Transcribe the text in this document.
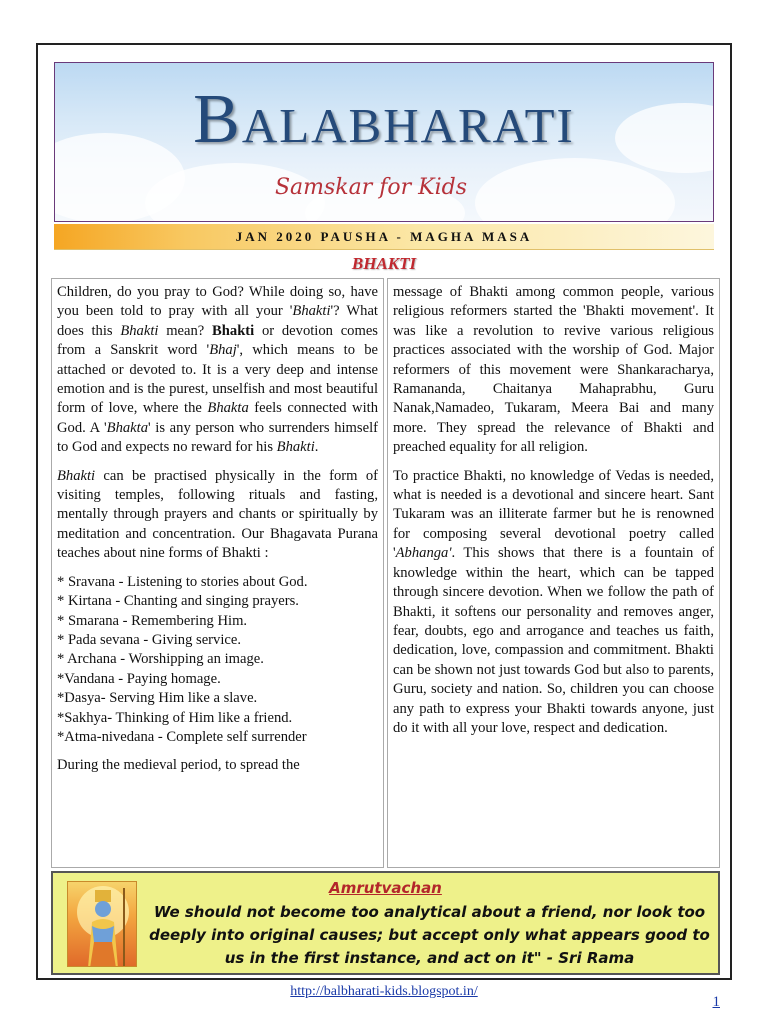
Balabharati
Samskar for Kids
JAN 2020 PAUSHA - MAGHA MASA
BHAKTI

Children, do you pray to God? While doing so, have you been told to pray with all your 'Bhakti'? What does this Bhakti mean? Bhakti or devotion comes from a Sanskrit word 'Bhaj', which means to be attached or devoted to. It is a very deep and intense emotion and is the purest, unselfish and most beautiful form of love, where the Bhakta feels connected with God. A 'Bhakta' is any person who surrenders himself to God and expects no reward for his Bhakti.

Bhakti can be practised physically in the form of visiting temples, following rituals and fasting, mentally through prayers and chants or spiritually by meditation and concentration. Our Bhagavata Purana teaches about nine forms of Bhakti :

* Sravana - Listening to stories about God.
* Kirtana - Chanting and singing prayers.
* Smarana - Remembering Him.
* Pada sevana - Giving service.
* Archana - Worshipping an image.
*Vandana - Paying homage.
*Dasya- Serving Him like a slave.
*Sakhya- Thinking of Him like a friend.
*Atma-nivedana - Complete self surrender

During the medieval period, to spread the

message of Bhakti among common people, various religious reformers started the 'Bhakti movement'. It was like a revolution to revive various religious practices associated with the worship of God. Major reformers of this movement were Shankaracharya, Ramananda, Chaitanya Mahaprabhu, Guru Nanak,Namadeo, Tukaram, Meera Bai and many more. They spread the relevance of Bhakti and preached equality for all religion.

To practice Bhakti, no knowledge of Vedas is needed, what is needed is a devotional and sincere heart. Sant Tukaram was an illiterate farmer but he is renowned for composing several devotional poetry called 'Abhanga'. This shows that there is a fountain of knowledge within the heart, which can be tapped through sincere devotion. When we follow the path of Bhakti, it softens our personality and removes anger, fear, doubts, ego and arrogance and teaches us faith, dedication, love, compassion and commitment. Bhakti can be shown not just towards God but also to parents, Guru, society and nation. So, children you can choose any path to express your Bhakti towards anyone, just do it with all your love, respect and dedication.

Amrutvachan
We should not become too analytical about a friend, nor look too deeply into original causes; but accept only what appears good to us in the first instance, and act on it" - Sri Rama
http://balbharati-kids.blogspot.in/
1
